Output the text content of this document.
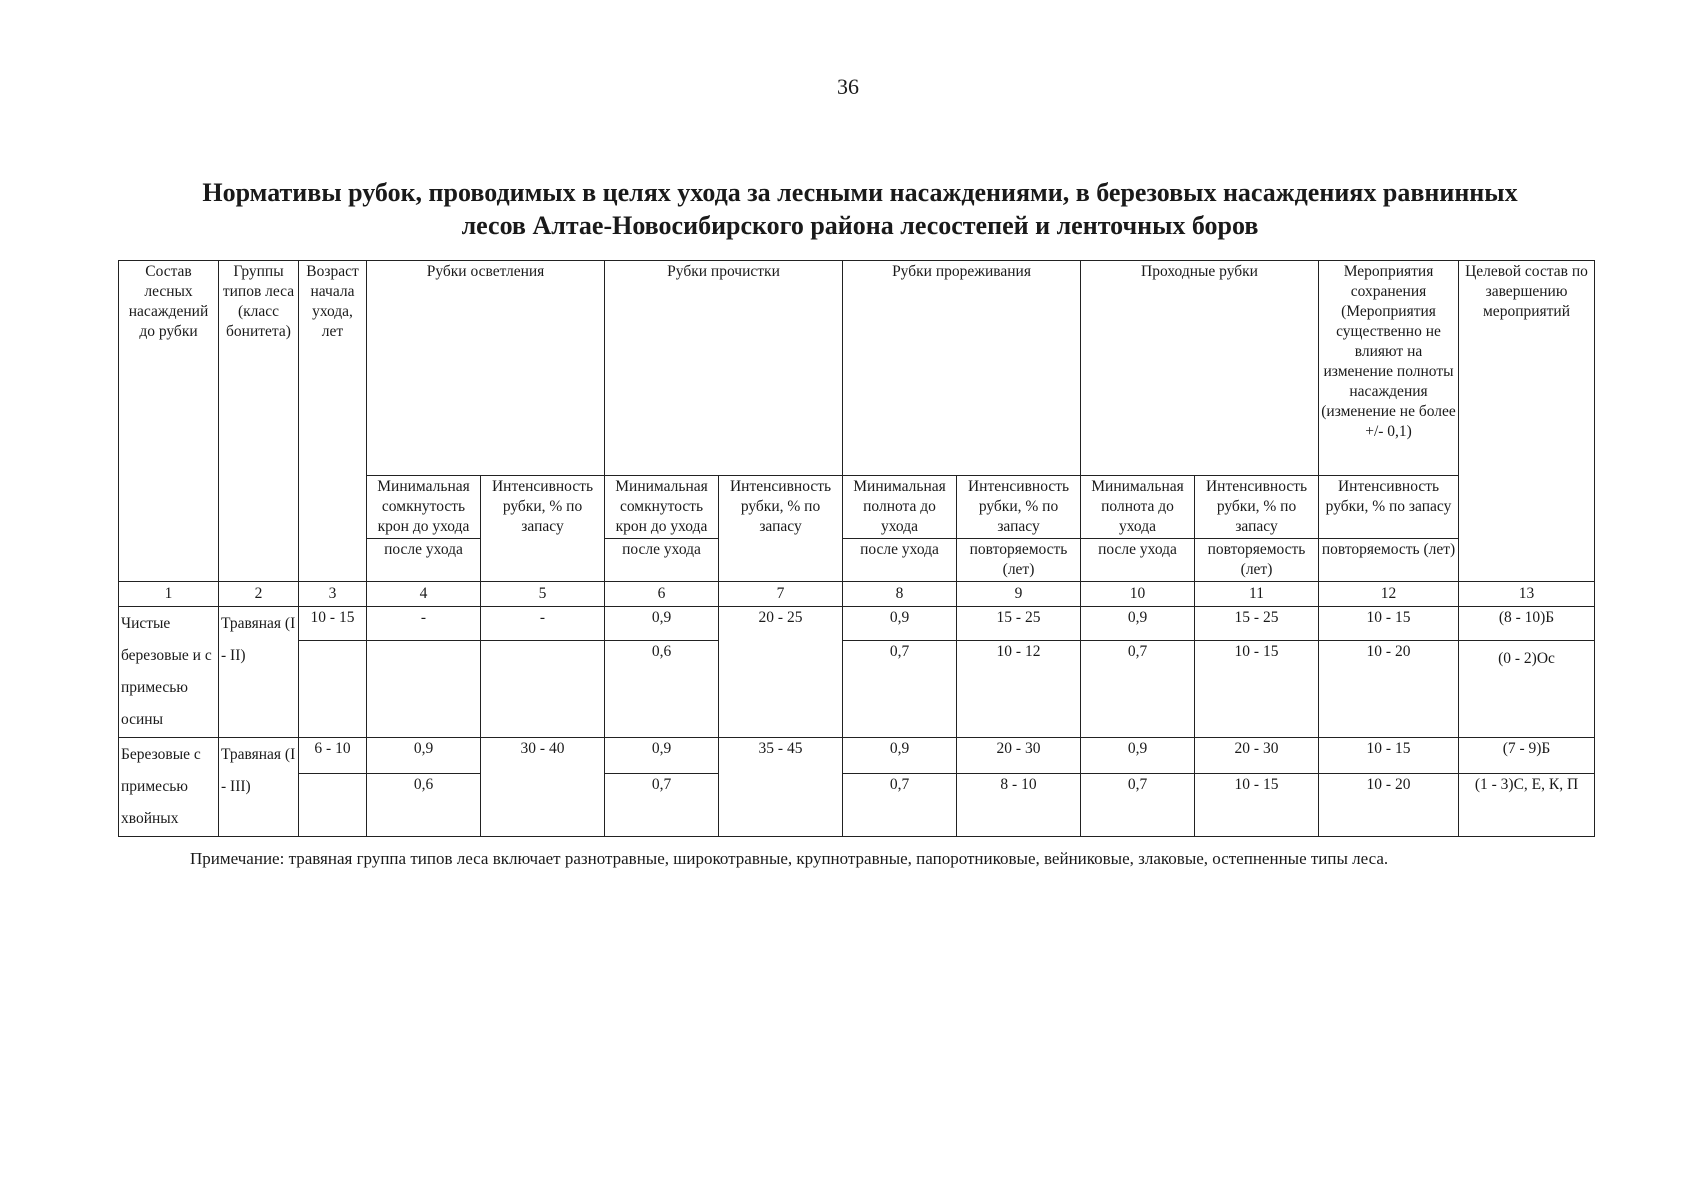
36
Нормативы рубок, проводимых в целях ухода за лесными насаждениями, в березовых насаждениях равнинных
лесов Алтае-Новосибирского района лесостепей и ленточных боров
Состав лесных насаждений до рубки	Группы типов леса (класс бонитета)	Возраст начала ухода, лет	Рубки осветления		Рубки прочистки		Рубки прореживания		Проходные рубки		Мероприятия сохранения (Мероприятия существенно не влияют на изменение полноты насаждения (изменение не более +/- 0,1)	Целевой состав по завершению мероприятий
			Минимальная сомкнутость крон до ухода	Интенсивность рубки, % по запасу	Минимальная сомкнутость крон до ухода	Интенсивность рубки, % по запасу	Минимальная полнота до ухода	Интенсивность рубки, % по запасу	Минимальная полнота до ухода	Интенсивность рубки, % по запасу	Интенсивность рубки, % по запасу	
			после ухода		после ухода		после ухода	повторяемость (лет)	после ухода	повторяемость (лет)	повторяемость (лет)	
1	2	3	4	5	6	7	8	9	10	11	12	13
Чистые березовые и с примесью осины	Травяная (I - II)	10 - 15	-	-	0,9	20 - 25	0,9	15 - 25	0,9	15 - 25	10 - 15	(8 - 10)Б
					0,6		0,7	10 - 12	0,7	10 - 15	10 - 20	(0 - 2)Ос
Березовые с примесью хвойных	Травяная (I - III)	6 - 10	0,9	30 - 40	0,9	35 - 45	0,9	20 - 30	0,9	20 - 30	10 - 15	(7 - 9)Б
			0,6		0,7		0,7	8 - 10	0,7	10 - 15	10 - 20	(1 - 3)С, Е, К, П
Примечание: травяная группа типов леса включает разнотравные, широкотравные, крупнотравные, папоротниковые, вейниковые, злаковые, остепненные типы леса.
